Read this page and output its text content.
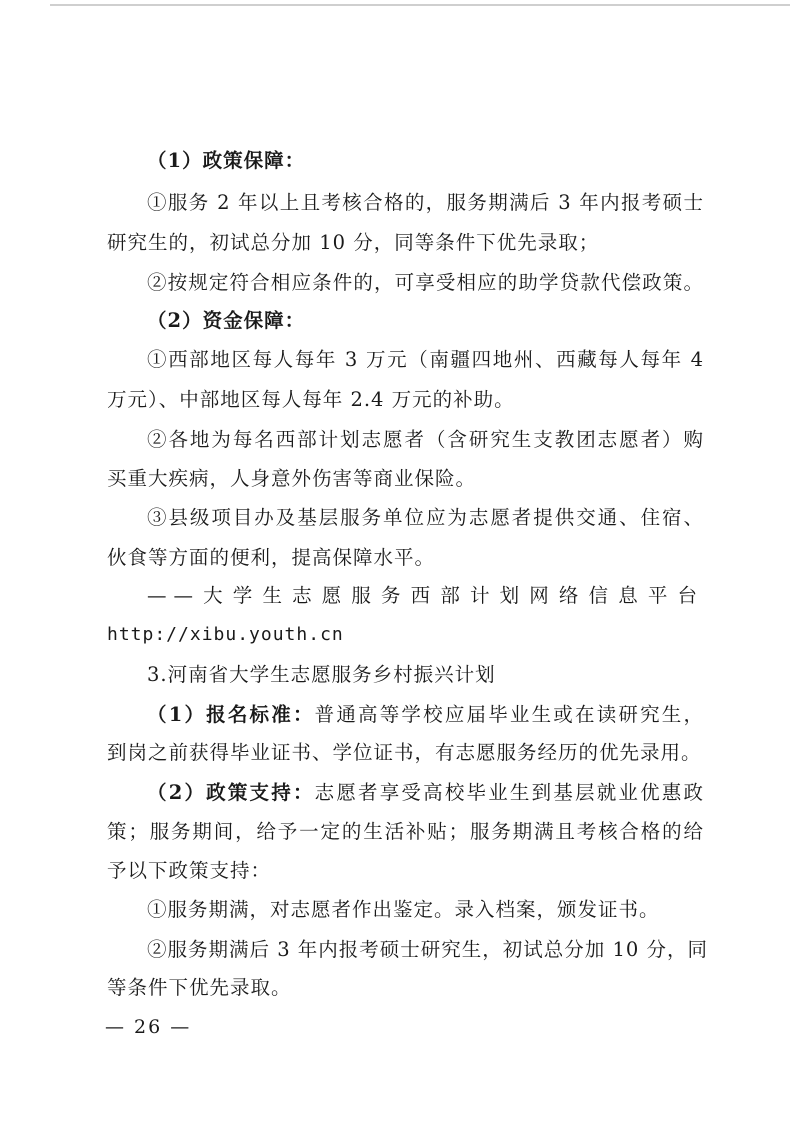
（1）政策保障：
①服务 2 年以上且考核合格的，服务期满后 3 年内报考硕士
研究生的，初试总分加 10 分，同等条件下优先录取；
②按规定符合相应条件的，可享受相应的助学贷款代偿政策。
（2）资金保障：
①西部地区每人每年 3 万元（南疆四地州、西藏每人每年 4
万元）、中部地区每人每年 2.4 万元的补助。
②各地为每名西部计划志愿者（含研究生支教团志愿者）购
买重大疾病，人身意外伤害等商业保险。
③县级项目办及基层服务单位应为志愿者提供交通、住宿、
伙食等方面的便利，提高保障水平。
——大学生志愿服务西部计划网络信息平台
http://xibu.youth.cn
3.河南省大学生志愿服务乡村振兴计划
（1）报名标准：普通高等学校应届毕业生或在读研究生，
到岗之前获得毕业证书、学位证书，有志愿服务经历的优先录用。
（2）政策支持：志愿者享受高校毕业生到基层就业优惠政
策；服务期间，给予一定的生活补贴；服务期满且考核合格的给
予以下政策支持：
①服务期满，对志愿者作出鉴定。录入档案，颁发证书。
②服务期满后 3 年内报考硕士研究生，初试总分加 10 分，同
等条件下优先录取。
— 26 —
